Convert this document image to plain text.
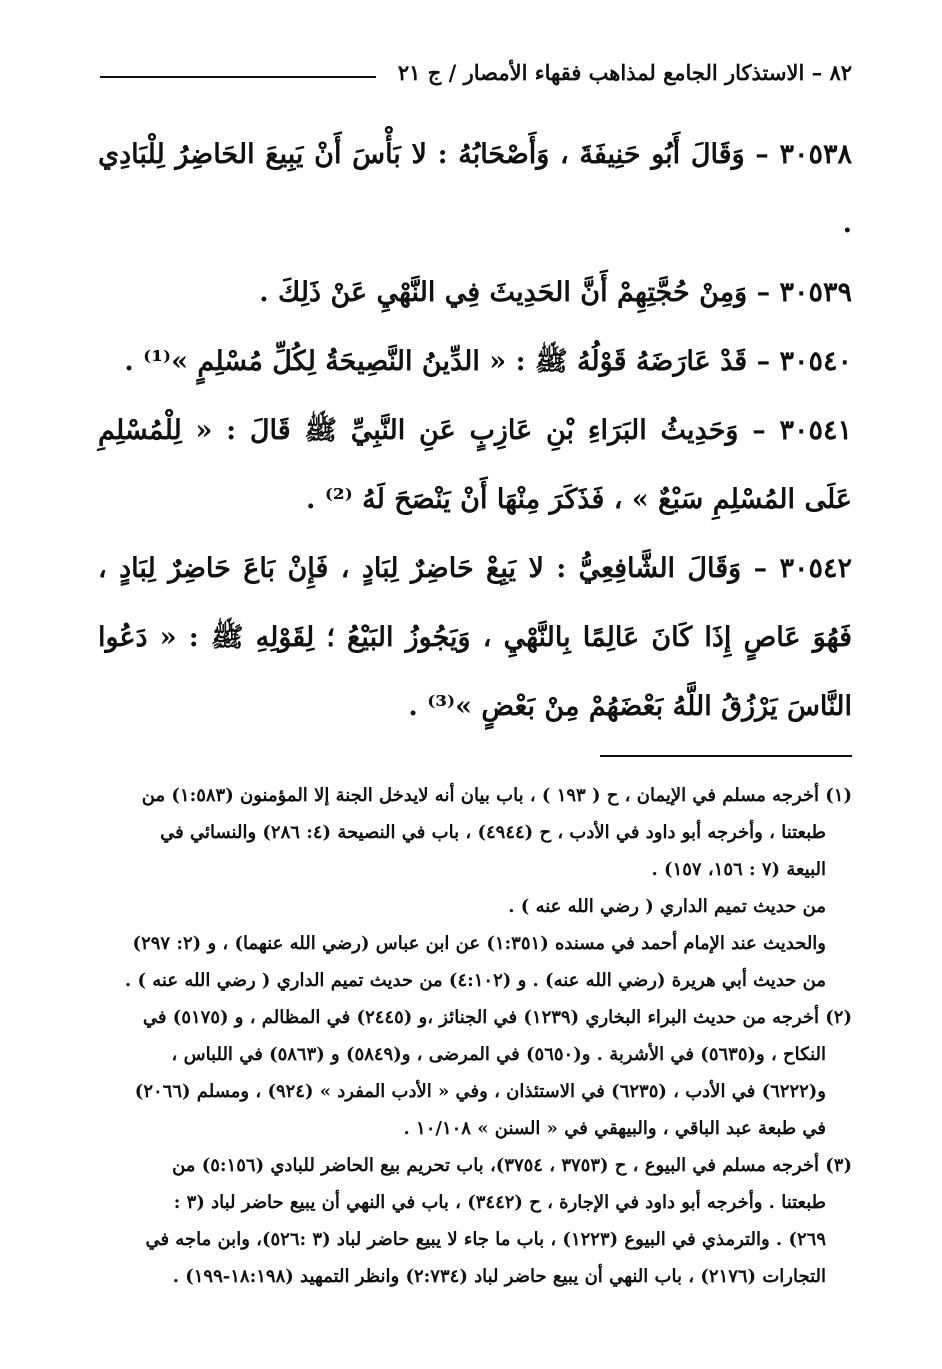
٨٢ – الاستذكار الجامع لمذاهب فقهاء الأمصار / ج ٢١

٣٠٥٣٨ – وَقَالَ أَبُو حَنِيفَةَ ، وَأَصْحَابُهُ : لا بَأْسَ أَنْ يَبِيعَ الحَاضِرُ لِلْبَادِي .

٣٠٥٣٩ – وَمِنْ حُجَّتِهِمْ أَنَّ الحَدِيثَ فِي النَّهْيِ عَنْ ذَلِكَ .

٣٠٥٤٠ – قَدْ عَارَضَهُ قَوْلُهُ ﷺ : « الدِّينُ النَّصِيحَةُ لِكُلِّ مُسْلِمٍ »⁽¹⁾ .

٣٠٥٤١ – وَحَدِيثُ البَرَاءِ بْنِ عَازِبٍ عَنِ النَّبِيِّ ﷺ قَالَ : « لِلْمُسْلِمِ عَلَى المُسْلِمِ سَبْعٌ » ، فَذَكَرَ مِنْهَا أَنْ يَنْصَحَ لَهُ ⁽²⁾ .

٣٠٥٤٢ – وَقَالَ الشَّافِعِيُّ : لا يَبِعْ حَاضِرٌ لِبَادٍ ، فَإِنْ بَاعَ حَاضِرٌ لِبَادٍ ، فَهُوَ عَاصٍ إِذَا كَانَ عَالِمًا بِالنَّهْيِ ، وَيَجُوزُ البَيْعُ ؛ لِقَوْلِهِ ﷺ : « دَعُوا النَّاسَ يَرْزُقُ اللَّهُ بَعْضَهُمْ مِنْ بَعْضٍ »⁽³⁾ .

(١) أخرجه مسلم في الإيمان ، ح ( ١٩٣ ) ، باب بيان أنه لايدخل الجنة إلا المؤمنون (١:٥٨٣) من

طبعتنا ، وأخرجه أبو داود في الأدب ، ح (٤٩٤٤) ، باب في النصيحة (٤: ٢٨٦) والنسائي في

البيعة (٧ : ١٥٦، ١٥٧) .

من حديث تميم الداري ( رضي الله عنه ) .

والحديث عند الإمام أحمد في مسنده (١:٣٥١) عن ابن عباس (رضي الله عنهما) ، و (٢: ٢٩٧)

من حديث أبي هريرة (رضي الله عنه) . و (٤:١٠٢) من حديث تميم الداري ( رضي الله عنه ) .

(٢) أخرجه من حديث البراء البخاري (١٢٣٩) في الجنائز ،و (٢٤٤٥) في المظالم ، و (٥١٧٥) في

النكاح ، و(٥٦٣٥) في الأشربة . و(٥٦٥٠) في المرضى ، و(٥٨٤٩) و (٥٨٦٣) في اللباس ،

و(٦٢٢٢) في الأدب ، (٦٢٣٥) في الاستئذان ، وفي « الأدب المفرد » (٩٢٤) ، ومسلم (٢٠٦٦)

في طبعة عبد الباقي ، والبيهقي في « السنن » ١٠/١٠٨ .

(٣) أخرجه مسلم في البيوع ، ح (٣٧٥٣ ، ٣٧٥٤)، باب تحريم بيع الحاضر للبادي (٥:١٥٦) من

طبعتنا . وأخرجه أبو داود في الإجارة ، ح (٣٤٤٢) ، باب في النهي أن يبيع حاضر لباد (٣ :

٢٦٩) . والترمذي في البيوع (١٢٢٣) ، باب ما جاء لا يبيع حاضر لباد (٣ :٥٢٦)، وابن ماجه في

التجارات (٢١٧٦) ، باب النهي أن يبيع حاضر لباد (٢:٧٣٤) وانظر التمهيد (١٨:١٩٨-١٩٩) .
